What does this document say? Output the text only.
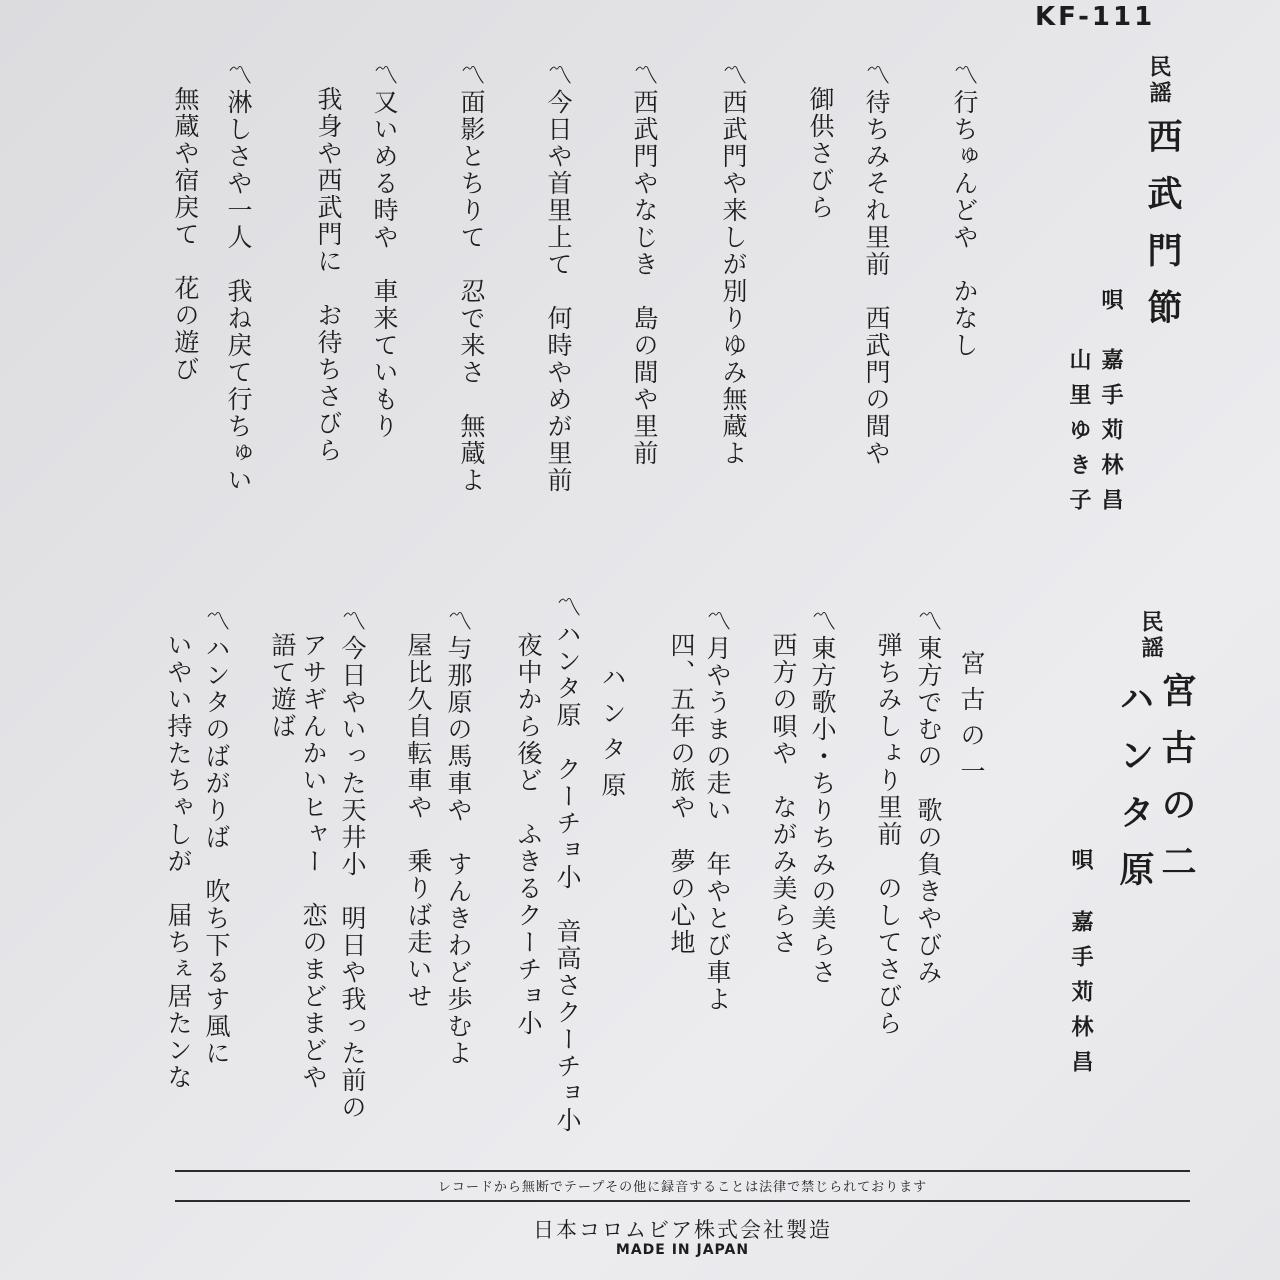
KF-111
民謡
西武門節
唄
嘉手苅林昌
山里ゆき子
〽行ちゅんどや　かなし
〽待ちみそれ里前　西武門の間や
御供さびら
〽西武門や来しが別りゆみ無蔵よ
〽西武門やなじき　島の間や里前
〽今日や首里上て　何時やめが里前
〽面影とちりて　忍で来さ　無蔵よ
〽又いめる時や　車来ていもり
我身や西武門に　お待ちさびら
〽淋しさや一人　我ね戻て行ちゅい
無蔵や宿戻て　花の遊び
民謡
宮古の二
ハンタ原
唄
嘉手苅林昌
宮古の一
ハンタ原	〽東方でむの　歌の負きやびみ
弾ちみしょり里前　のしてさびら
〽東方歌小・ちりちみの美らさ
西方の唄や　ながみ美らさ
〽月やうまの走い　年やとび車よ
四、五年の旅や　夢の心地
〽ハンタ原　クーチョ小　音高さクーチョ小
夜中から後ど　ふきるクーチョ小
〽与那原の馬車や　すんきわど歩むよ
屋比久自転車や　乗りば走いせ
〽今日やいった天井小　明日や我った前の
アサギんかいヒャー　恋のまどまどや
語て遊ば
〽ハンタのばがりば　吹ち下るす風に
いやい持たちゃしが　届ちぇ居たンな
レコードから無断でテープその他に録音することは法律で禁じられております
日本コロムビア株式会社製造
MADE IN JAPAN
